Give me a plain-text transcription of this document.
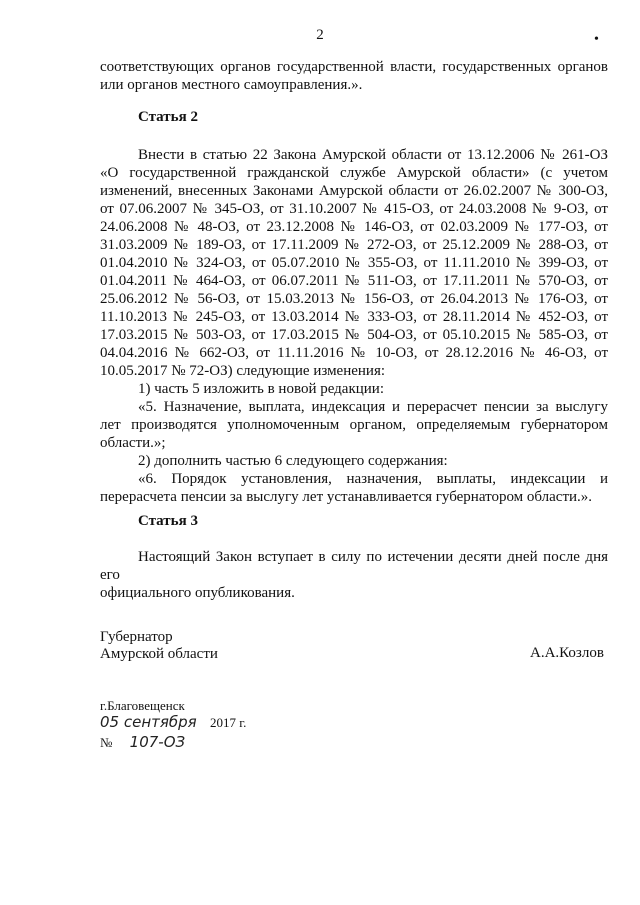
2	•
соответствующих органов государственной власти, государственных органов
или органов местного самоуправления.».
Статья 2
Внести в статью 22 Закона Амурской области от 13.12.2006 № 261-ОЗ
«О государственной гражданской службе Амурской области» (с учетом
изменений, внесенных Законами Амурской области от 26.02.2007 № 300-ОЗ,
от 07.06.2007 № 345-ОЗ, от 31.10.2007 № 415-ОЗ, от 24.03.2008 № 9-ОЗ, от
24.06.2008 № 48-ОЗ, от 23.12.2008 № 146-ОЗ, от 02.03.2009 № 177-ОЗ, от
31.03.2009 № 189-ОЗ, от 17.11.2009 № 272-ОЗ, от 25.12.2009 № 288-ОЗ, от
01.04.2010 № 324-ОЗ, от 05.07.2010 № 355-ОЗ, от 11.11.2010 № 399-ОЗ, от
01.04.2011 № 464-ОЗ, от 06.07.2011 № 511-ОЗ, от 17.11.2011 № 570-ОЗ, от
25.06.2012 № 56-ОЗ, от 15.03.2013 № 156-ОЗ, от 26.04.2013 № 176-ОЗ, от
11.10.2013 № 245-ОЗ, от 13.03.2014 № 333-ОЗ, от 28.11.2014 № 452-ОЗ, от
17.03.2015 № 503-ОЗ, от 17.03.2015 № 504-ОЗ, от 05.10.2015 № 585-ОЗ, от
04.04.2016 № 662-ОЗ, от 11.11.2016 № 10-ОЗ, от 28.12.2016 № 46-ОЗ, от
10.05.2017 № 72-ОЗ) следующие изменения:
1) часть 5 изложить в новой редакции:
«5. Назначение, выплата, индексация и перерасчет пенсии за выслугу
лет производятся уполномоченным органом, определяемым губернатором
области.»;
2) дополнить частью 6 следующего содержания:
«6. Порядок установления, назначения, выплаты, индексации и
перерасчета пенсии за выслугу лет устанавливается губернатором области.».
Статья 3
Настоящий Закон вступает в силу по истечении десяти дней после дня его
официального опубликования.
Губернатор
Амурской области	А.А.Козлов
г.Благовещенск
05 сентября 2017 г.
№ 107-ОЗ
